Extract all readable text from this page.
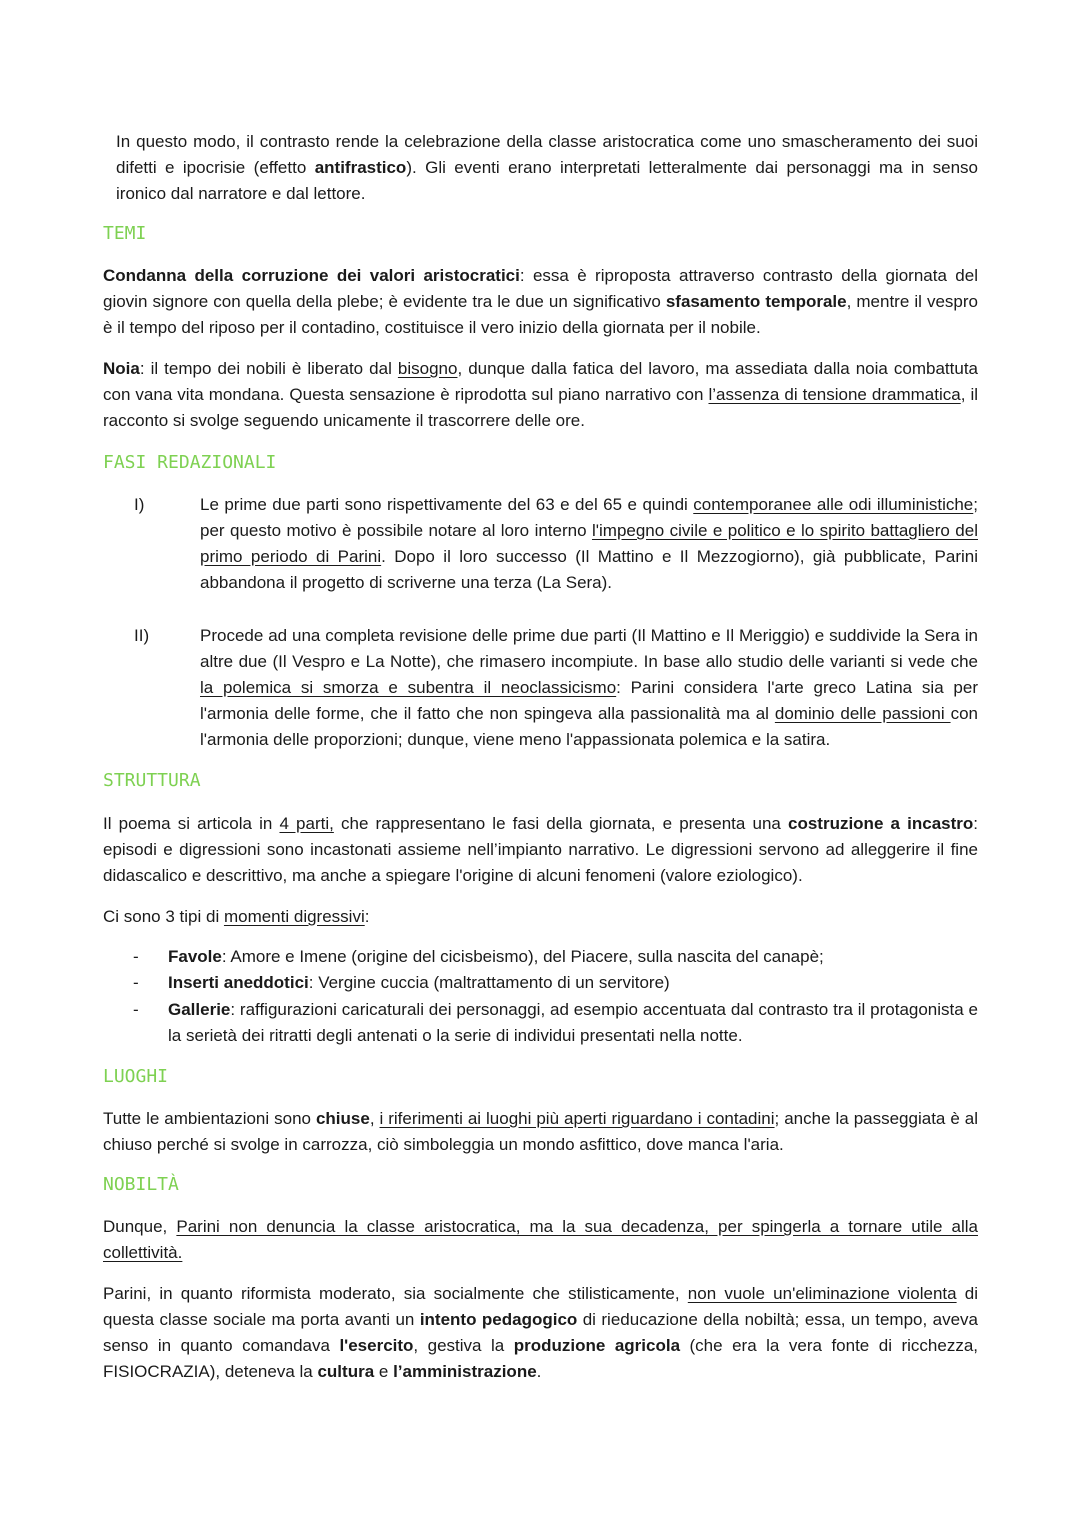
In questo modo, il contrasto rende la celebrazione della classe aristocratica come uno smascheramento dei suoi difetti e ipocrisie (effetto antifrastico). Gli eventi erano interpretati letteralmente dai personaggi ma in senso ironico dal narratore e dal lettore.

TEMI

Condanna della corruzione dei valori aristocratici: essa è riproposta attraverso contrasto della giornata del giovin signore con quella della plebe; è evidente tra le due un significativo sfasamento temporale, mentre il vespro è il tempo del riposo per il contadino, costituisce il vero inizio della giornata per il nobile.

Noia: il tempo dei nobili è liberato dal bisogno, dunque dalla fatica del lavoro, ma assediata dalla noia combattuta con vana vita mondana. Questa sensazione è riprodotta sul piano narrativo con l’assenza di tensione drammatica, il racconto si svolge seguendo unicamente il trascorrere delle ore.

FASI REDAZIONALI
I)	Le prime due parti sono rispettivamente del 63 e del 65 e quindi contemporanee alle odi illuministiche; per questo motivo è possibile notare al loro interno l'impegno civile e politico e lo spirito battagliero del primo periodo di Parini. Dopo il loro successo (Il Mattino e Il Mezzogiorno), già pubblicate, Parini abbandona il progetto di scriverne una terza (La Sera).

II)	Procede ad una completa revisione delle prime due parti (Il Mattino e Il Meriggio) e suddivide la Sera in altre due (Il Vespro e La Notte), che rimasero incompiute. In base allo studio delle varianti si vede che la polemica si smorza e subentra il neoclassicismo: Parini considera l'arte greco Latina sia per l'armonia delle forme, che il fatto che non spingeva alla passionalità ma al dominio delle passioni con l'armonia delle proporzioni; dunque, viene meno l'appassionata polemica e la satira.

STRUTTURA

Il poema si articola in 4 parti, che rappresentano le fasi della giornata, e presenta una costruzione a incastro: episodi e digressioni sono incastonati assieme nell’impianto narrativo. Le digressioni servono ad alleggerire il fine didascalico e descrittivo, ma anche a spiegare l'origine di alcuni fenomeni (valore eziologico).

Ci sono 3 tipi di momenti digressivi:

- Favole: Amore e Imene (origine del cicisbeismo), del Piacere, sulla nascita del canapè;
- Inserti aneddotici: Vergine cuccia (maltrattamento di un servitore)
- Gallerie: raffigurazioni caricaturali dei personaggi, ad esempio accentuata dal contrasto tra il protagonista e la serietà dei ritratti degli antenati o la serie di individui presentati nella notte.
LUOGHI

Tutte le ambientazioni sono chiuse, i riferimenti ai luoghi più aperti riguardano i contadini; anche la passeggiata è al chiuso perché si svolge in carrozza, ciò simboleggia un mondo asfittico, dove manca l'aria.

NOBILTÀ

Dunque, Parini non denuncia la classe aristocratica, ma la sua decadenza, per spingerla a tornare utile alla collettività.

Parini, in quanto riformista moderato, sia socialmente che stilisticamente, non vuole un'eliminazione violenta di questa classe sociale ma porta avanti un intento pedagogico di rieducazione della nobiltà; essa, un tempo, aveva senso in quanto comandava l'esercito, gestiva la produzione agricola (che era la vera fonte di ricchezza, FISIOCRAZIA), deteneva la cultura e l’amministrazione.
